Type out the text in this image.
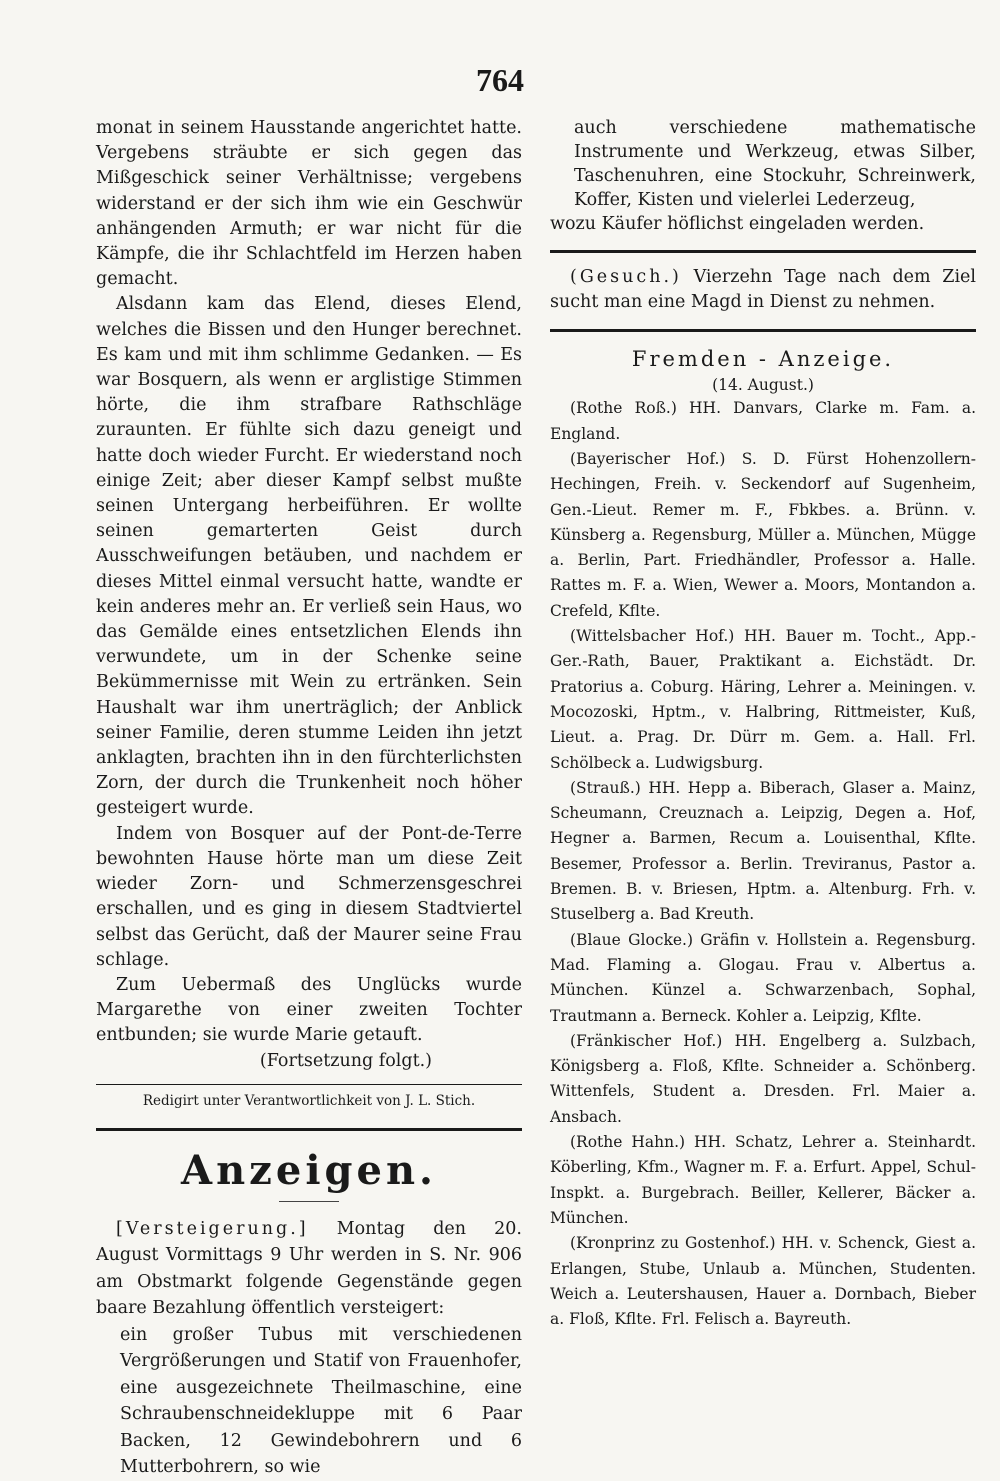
764

monat in seinem Hausstande angerichtet hatte. Vergebens sträubte er sich gegen das Mißgeschick seiner Verhältnisse; vergebens widerstand er der sich ihm wie ein Geschwür anhängenden Armuth; er war nicht für die Kämpfe, die ihr Schlachtfeld im Herzen haben gemacht.

Alsdann kam das Elend, dieses Elend, welches die Bissen und den Hunger berechnet. Es kam und mit ihm schlimme Gedanken. — Es war Bosquern, als wenn er arglistige Stimmen hörte, die ihm strafbare Rathschläge zuraunten. Er fühlte sich dazu geneigt und hatte doch wieder Furcht. Er wiederstand noch einige Zeit; aber dieser Kampf selbst mußte seinen Untergang herbeiführen. Er wollte seinen gemarterten Geist durch Ausschweifungen betäuben, und nachdem er dieses Mittel einmal versucht hatte, wandte er kein anderes mehr an. Er verließ sein Haus, wo das Gemälde eines entsetzlichen Elends ihn verwundete, um in der Schenke seine Bekümmernisse mit Wein zu ertränken. Sein Haushalt war ihm unerträglich; der Anblick seiner Familie, deren stumme Leiden ihn jetzt anklagten, brachten ihn in den fürchterlichsten Zorn, der durch die Trunkenheit noch höher gesteigert wurde.

Indem von Bosquer auf der Pont-de-Terre bewohnten Hause hörte man um diese Zeit wieder Zorn- und Schmerzensgeschrei erschallen, und es ging in diesem Stadtviertel selbst das Gerücht, daß der Maurer seine Frau schlage.

Zum Uebermaß des Unglücks wurde Margarethe von einer zweiten Tochter entbunden; sie wurde Marie getauft.

(Fortsetzung folgt.)

Redigirt unter Verantwortlichkeit von J. L. Stich.

Anzeigen.

[Versteigerung.] Montag den 20. August Vormittags 9 Uhr werden in S. Nr. 906 am Obstmarkt folgende Gegenstände gegen baare Bezahlung öffentlich versteigert:

ein großer Tubus mit verschiedenen Vergrößerungen und Statif von Frauenhofer, eine ausgezeichnete Theilmaschine, eine Schraubenschneidekluppe mit 6 Paar Backen, 12 Gewindebohrern und 6 Mutterbohrern, so wie

auch verschiedene mathematische Instrumente und Werkzeug, etwas Silber, Taschenuhren, eine Stockuhr, Schreinwerk, Koffer, Kisten und vielerlei Lederzeug,

wozu Käufer höflichst eingeladen werden.

(Gesuch.) Vierzehn Tage nach dem Ziel sucht man eine Magd in Dienst zu nehmen.

Fremden - Anzeige.

(14. August.)

(Rothe Roß.) HH. Danvars, Clarke m. Fam. a. England.

(Bayerischer Hof.) S. D. Fürst Hohenzollern-Hechingen, Freih. v. Seckendorf auf Sugenheim, Gen.-Lieut. Remer m. F., Fbkbes. a. Brünn. v. Künsberg a. Regensburg, Müller a. München, Mügge a. Berlin, Part. Friedhändler, Professor a. Halle. Rattes m. F. a. Wien, Wewer a. Moors, Montandon a. Crefeld, Kflte.

(Wittelsbacher Hof.) HH. Bauer m. Tocht., App.-Ger.-Rath, Bauer, Praktikant a. Eichstädt. Dr. Pratorius a. Coburg. Häring, Lehrer a. Meiningen. v. Mocozoski, Hptm., v. Halbring, Rittmeister, Kuß, Lieut. a. Prag. Dr. Dürr m. Gem. a. Hall. Frl. Schölbeck a. Ludwigsburg.

(Strauß.) HH. Hepp a. Biberach, Glaser a. Mainz, Scheumann, Creuznach a. Leipzig, Degen a. Hof, Hegner a. Barmen, Recum a. Louisenthal, Kflte. Besemer, Professor a. Berlin. Treviranus, Pastor a. Bremen. B. v. Briesen, Hptm. a. Altenburg. Frh. v. Stuselberg a. Bad Kreuth.

(Blaue Glocke.) Gräfin v. Hollstein a. Regensburg. Mad. Flaming a. Glogau. Frau v. Albertus a. München. Künzel a. Schwarzenbach, Sophal, Trautmann a. Berneck. Kohler a. Leipzig, Kflte.

(Fränkischer Hof.) HH. Engelberg a. Sulzbach, Königsberg a. Floß, Kflte. Schneider a. Schönberg. Wittenfels, Student a. Dresden. Frl. Maier a. Ansbach.

(Rothe Hahn.) HH. Schatz, Lehrer a. Steinhardt. Köberling, Kfm., Wagner m. F. a. Erfurt. Appel, Schul-Inspkt. a. Burgebrach. Beiller, Kellerer, Bäcker a. München.

(Kronprinz zu Gostenhof.) HH. v. Schenck, Giest a. Erlangen, Stube, Unlaub a. München, Studenten. Weich a. Leutershausen, Hauer a. Dornbach, Bieber a. Floß, Kflte. Frl. Felisch a. Bayreuth.
